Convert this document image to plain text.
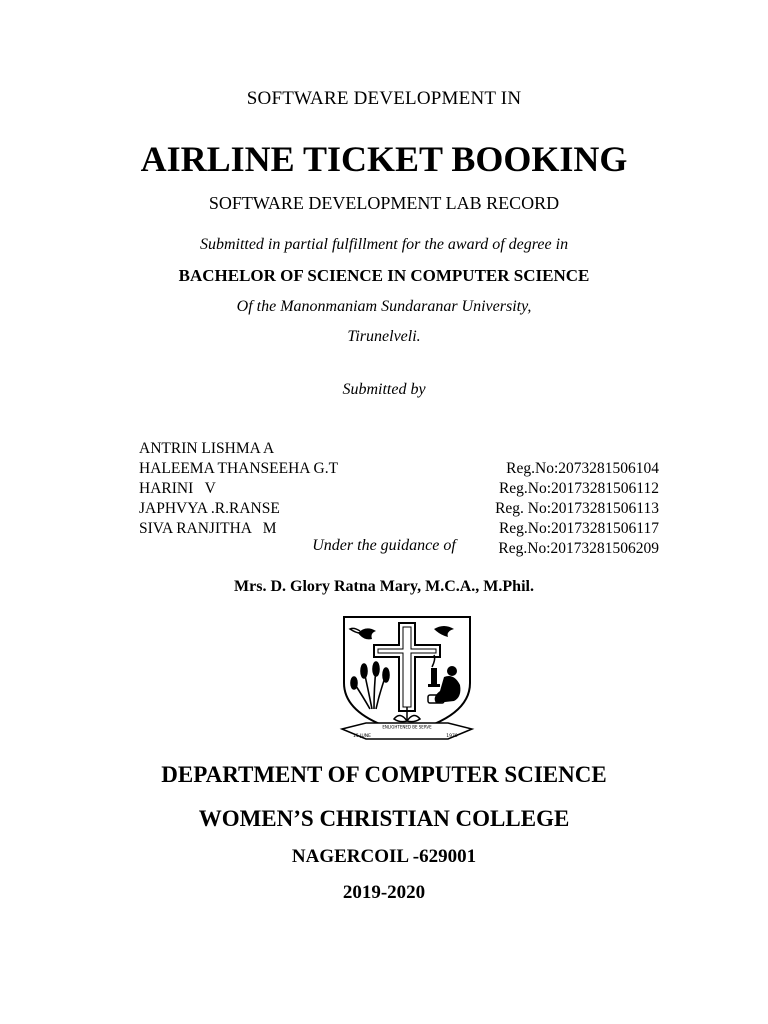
SOFTWARE DEVELOPMENT IN

AIRLINE TICKET BOOKING

SOFTWARE DEVELOPMENT LAB RECORD

Submitted in partial fulfillment for the award of degree in

BACHELOR OF SCIENCE IN COMPUTER SCIENCE

Of the Manonmaniam Sundaranar University,

Tirunelveli.

Submitted by

ANTRIN LISHMA A

Reg.No:2073281506104

HALEEMA THANSEEHA G.T

Reg.No:20173281506112

HARINI   V

Reg. No:20173281506113

JAPHVYA .R.RANSE

Reg.No:20173281506117

SIVA RANJITHA   M

Reg.No:20173281506209

Under the guidance of

Mrs. D. Glory Ratna Mary, M.C.A., M.Phil.

ENLIGHTENED BE SERVE
15 JUNE	1979

DEPARTMENT OF COMPUTER SCIENCE

WOMEN’S CHRISTIAN COLLEGE

NAGERCOIL -629001

2019-2020
